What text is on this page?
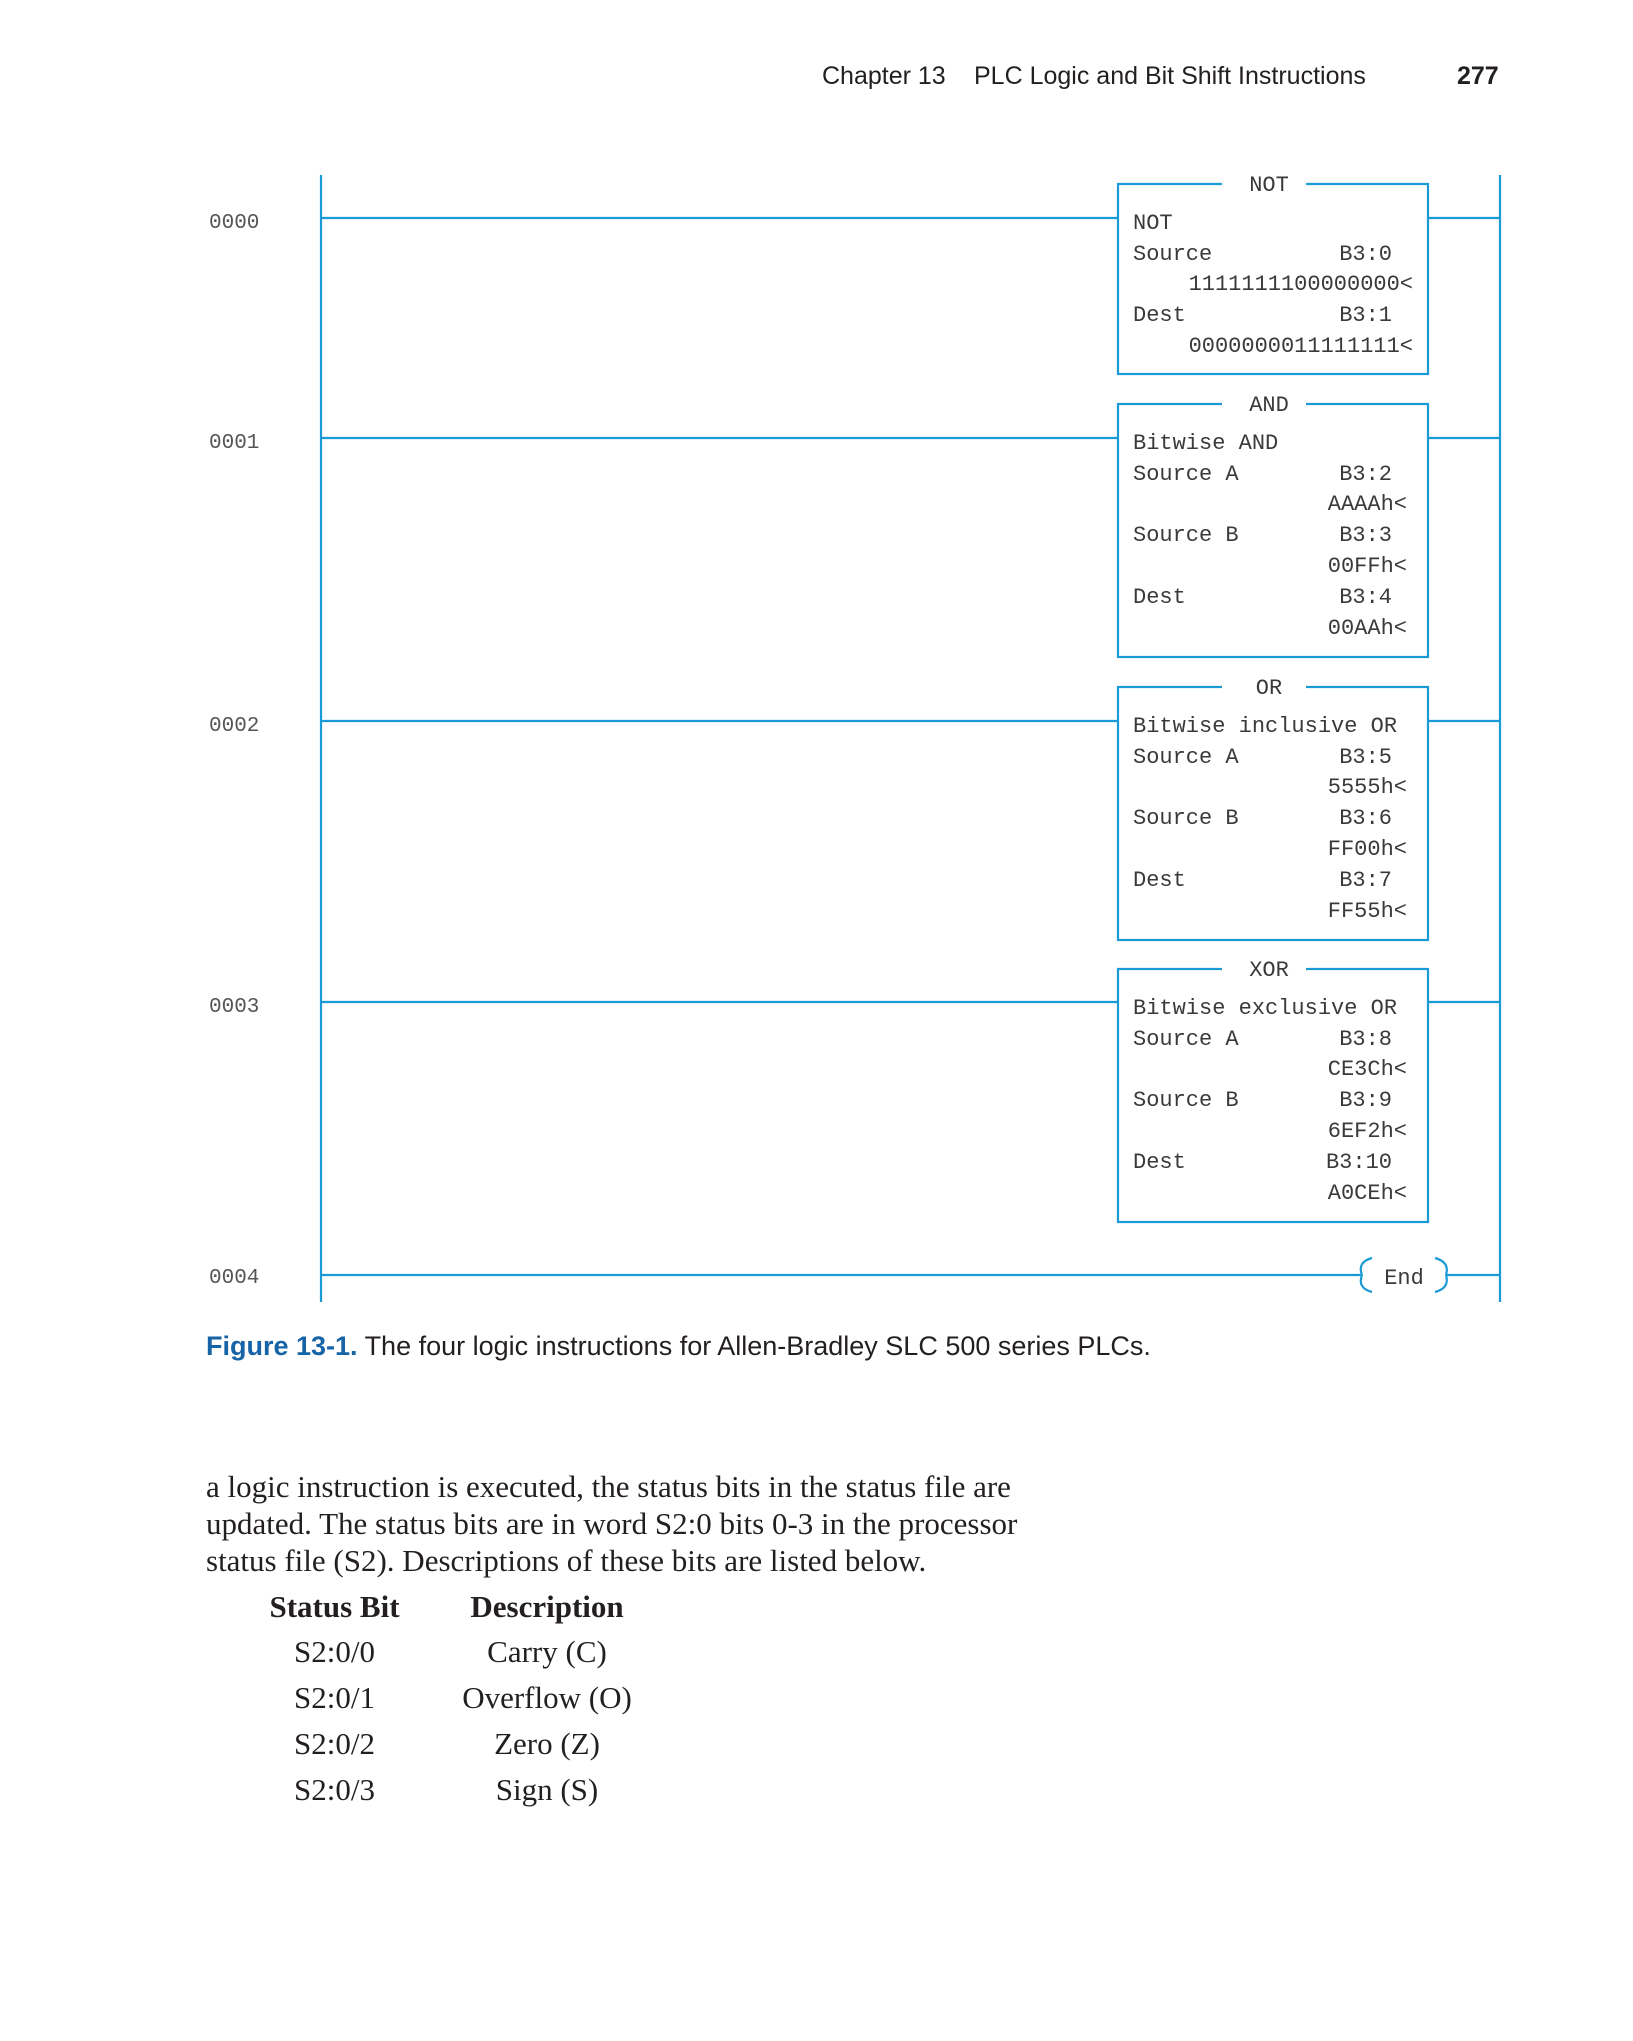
Chapter 13 PLC Logic and Bit Shift Instructions	277
0000
NOT
NOT
Source	B3:0
1111111100000000<
Dest	B3:1
0000000011111111<
0001
AND
Bitwise AND
Source A	B3:2
AAAAh<
Source B	B3:3
00FFh<
Dest	B3:4
00AAh<
0002
OR
Bitwise inclusive OR
Source A	B3:5
5555h<
Source B	B3:6
FF00h<
Dest	B3:7
FF55h<
0003
XOR
Bitwise exclusive OR
Source A	B3:8
CE3Ch<
Source B	B3:9
6EF2h<
Dest	B3:10
A0CEh<
0004	End
Figure 13-1. The four logic instructions for Allen-Bradley SLC 500 series PLCs.
a logic instruction is executed, the status bits in the status file are
updated. The status bits are in word S2:0 bits 0-3 in the processor
status file (S2). Descriptions of these bits are listed below.
Status Bit	Description
S2:0/0	Carry (C)
S2:0/1	Overflow (O)
S2:0/2	Zero (Z)
S2:0/3	Sign (S)
